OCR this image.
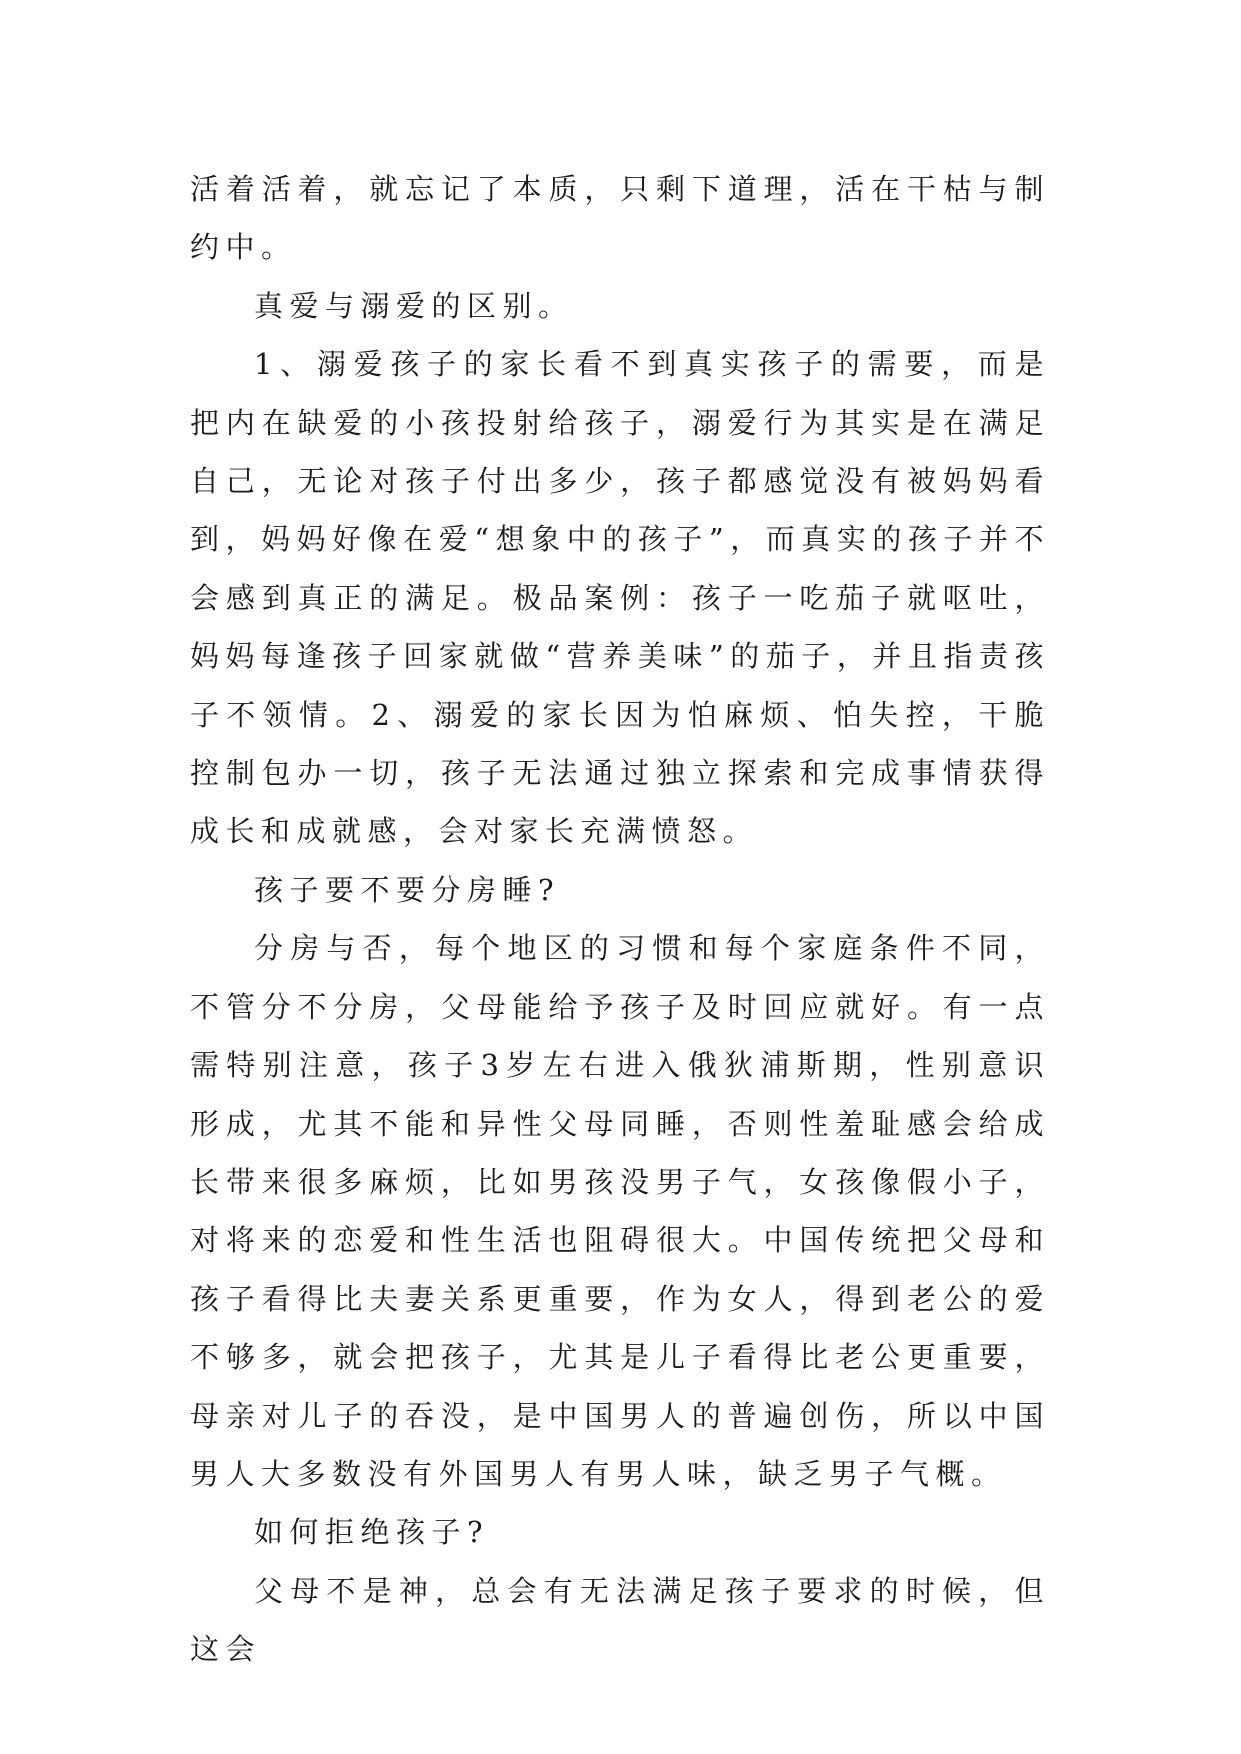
活着活着，就忘记了本质，只剩下道理，活在干枯与制约中。

真爱与溺爱的区别。

1、溺爱孩子的家长看不到真实孩子的需要，而是把内在缺爱的小孩投射给孩子，溺爱行为其实是在满足自己，无论对孩子付出多少，孩子都感觉没有被妈妈看到，妈妈好像在爱“想象中的孩子”，而真实的孩子并不会感到真正的满足。极品案例：孩子一吃茄子就呕吐，妈妈每逢孩子回家就做“营养美味”的茄子，并且指责孩子不领情。2、溺爱的家长因为怕麻烦、怕失控，干脆控制包办一切，孩子无法通过独立探索和完成事情获得成长和成就感，会对家长充满愤怒。

孩子要不要分房睡?

分房与否，每个地区的习惯和每个家庭条件不同，不管分不分房，父母能给予孩子及时回应就好。有一点需特别注意，孩子3岁左右进入俄狄浦斯期，性别意识形成，尤其不能和异性父母同睡，否则性羞耻感会给成长带来很多麻烦，比如男孩没男子气，女孩像假小子，对将来的恋爱和性生活也阻碍很大。中国传统把父母和孩子看得比夫妻关系更重要，作为女人，得到老公的爱不够多，就会把孩子，尤其是儿子看得比老公更重要，母亲对儿子的吞没，是中国男人的普遍创伤，所以中国男人大多数没有外国男人有男人味，缺乏男子气概。

如何拒绝孩子?

父母不是神，总会有无法满足孩子要求的时候，但这会
